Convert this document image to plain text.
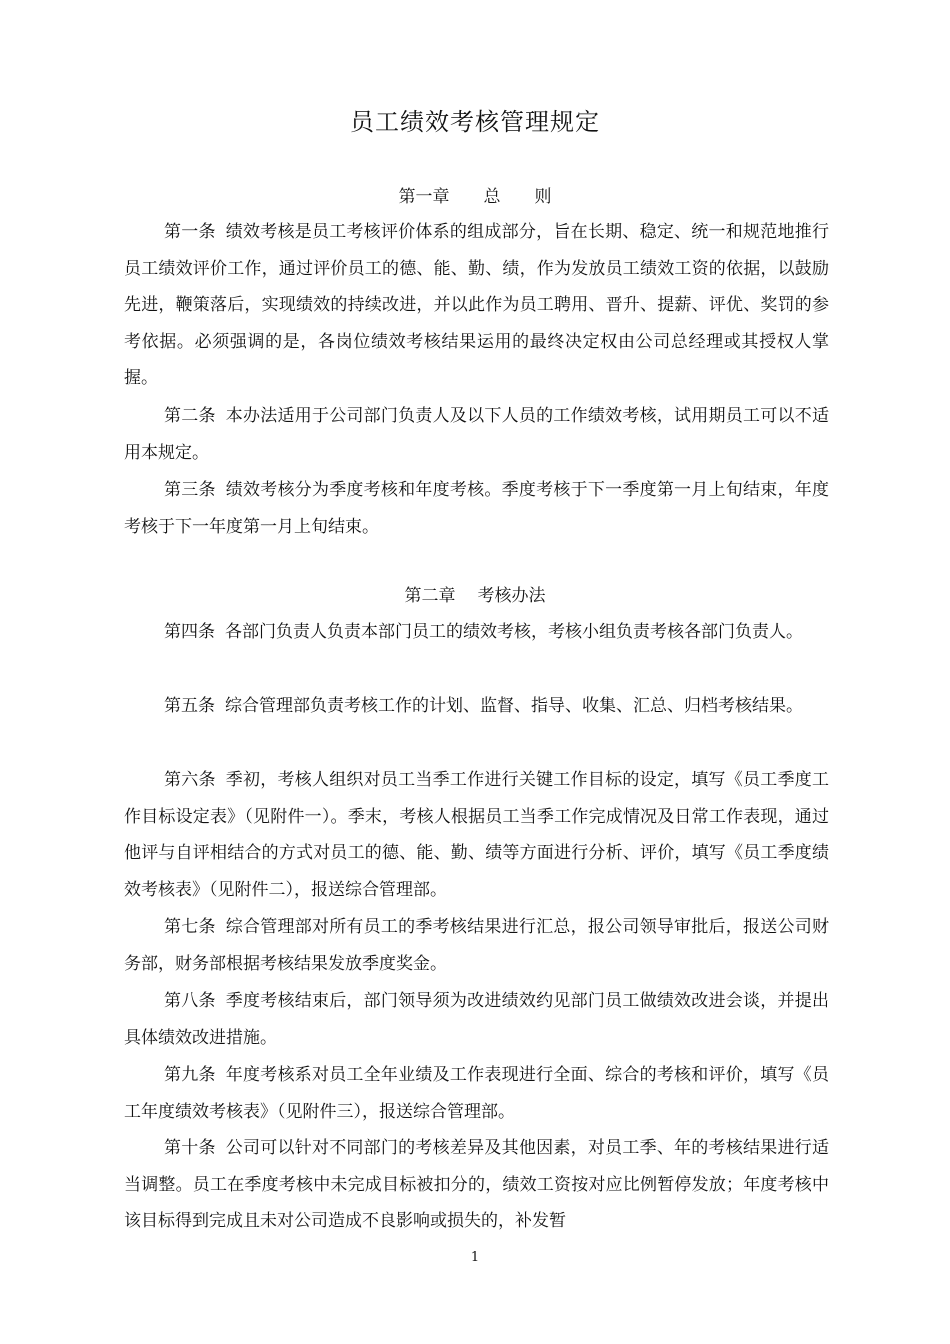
员工绩效考核管理规定
第一章 总 则

第一条 绩效考核是员工考核评价体系的组成部分，旨在长期、稳定、统一和规范地推行员工绩效评价工作，通过评价员工的德、能、勤、绩，作为发放员工绩效工资的依据，以鼓励先进，鞭策落后，实现绩效的持续改进，并以此作为员工聘用、晋升、提薪、评优、奖罚的参考依据。必须强调的是，各岗位绩效考核结果运用的最终决定权由公司总经理或其授权人掌握。

第二条 本办法适用于公司部门负责人及以下人员的工作绩效考核，试用期员工可以不适用本规定。

第三条 绩效考核分为季度考核和年度考核。季度考核于下一季度第一月上旬结束，年度考核于下一年度第一月上旬结束。

第二章 考核办法

第四条 各部门负责人负责本部门员工的绩效考核，考核小组负责考核各部门负责人。

第五条 综合管理部负责考核工作的计划、监督、指导、收集、汇总、归档考核结果。

第六条 季初，考核人组织对员工当季工作进行关键工作目标的设定，填写《员工季度工作目标设定表》（见附件一）。季末，考核人根据员工当季工作完成情况及日常工作表现，通过他评与自评相结合的方式对员工的德、能、勤、绩等方面进行分析、评价，填写《员工季度绩效考核表》（见附件二），报送综合管理部。

第七条 综合管理部对所有员工的季考核结果进行汇总，报公司领导审批后，报送公司财务部，财务部根据考核结果发放季度奖金。

第八条 季度考核结束后，部门领导须为改进绩效约见部门员工做绩效改进会谈，并提出具体绩效改进措施。

第九条 年度考核系对员工全年业绩及工作表现进行全面、综合的考核和评价，填写《员工年度绩效考核表》（见附件三），报送综合管理部。

第十条 公司可以针对不同部门的考核差异及其他因素，对员工季、年的考核结果进行适当调整。员工在季度考核中未完成目标被扣分的，绩效工资按对应比例暂停发放；年度考核中该目标得到完成且未对公司造成不良影响或损失的，补发暂

1
